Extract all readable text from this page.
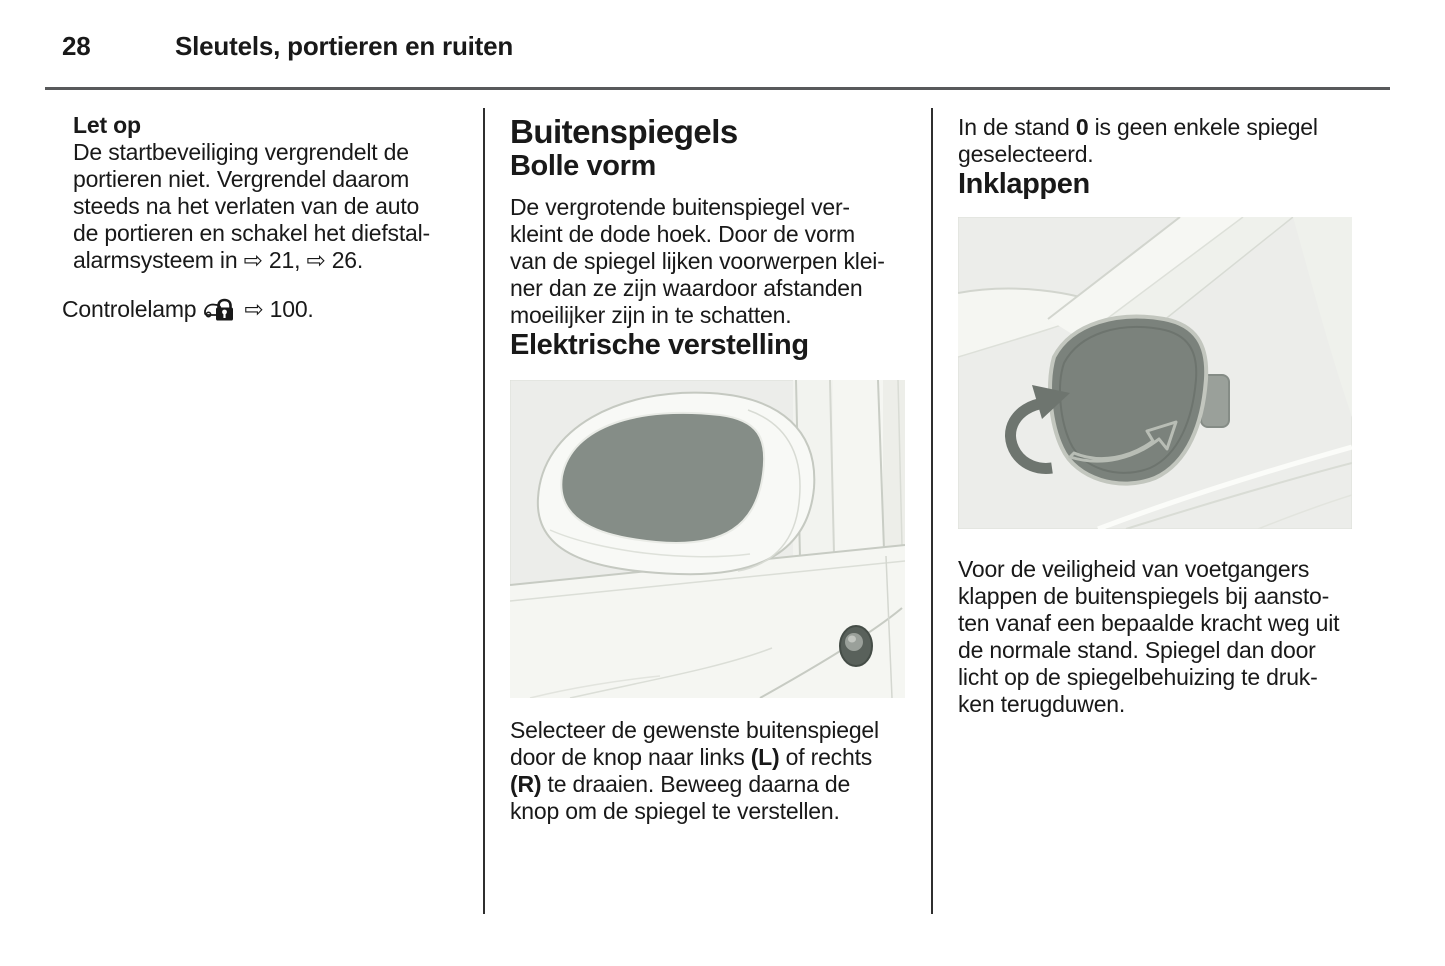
28	Sleutels, portieren en ruiten
Let op
De startbeveiliging vergrendelt de
portieren niet. Vergrendel daarom
steeds na het verlaten van de auto
de portieren en schakel het diefstal-
alarmsysteem in ⇨ 21, ⇨ 26.
Controlelamp ⇨ 100.
Buitenspiegels
Bolle vorm
De vergrotende buitenspiegel ver-
kleint de dode hoek. Door de vorm
van de spiegel lijken voorwerpen klei-
ner dan ze zijn waardoor afstanden
moeilijker zijn in te schatten.
Elektrische verstelling
Selecteer de gewenste buitenspiegel
door de knop naar links (L) of rechts
(R) te draaien. Beweeg daarna de
knop om de spiegel te verstellen.
In de stand 0 is geen enkele spiegel
geselecteerd.
Inklappen
Voor de veiligheid van voetgangers
klappen de buitenspiegels bij aansto-
ten vanaf een bepaalde kracht weg uit
de normale stand. Spiegel dan door
licht op de spiegelbehuizing te druk-
ken terugduwen.
